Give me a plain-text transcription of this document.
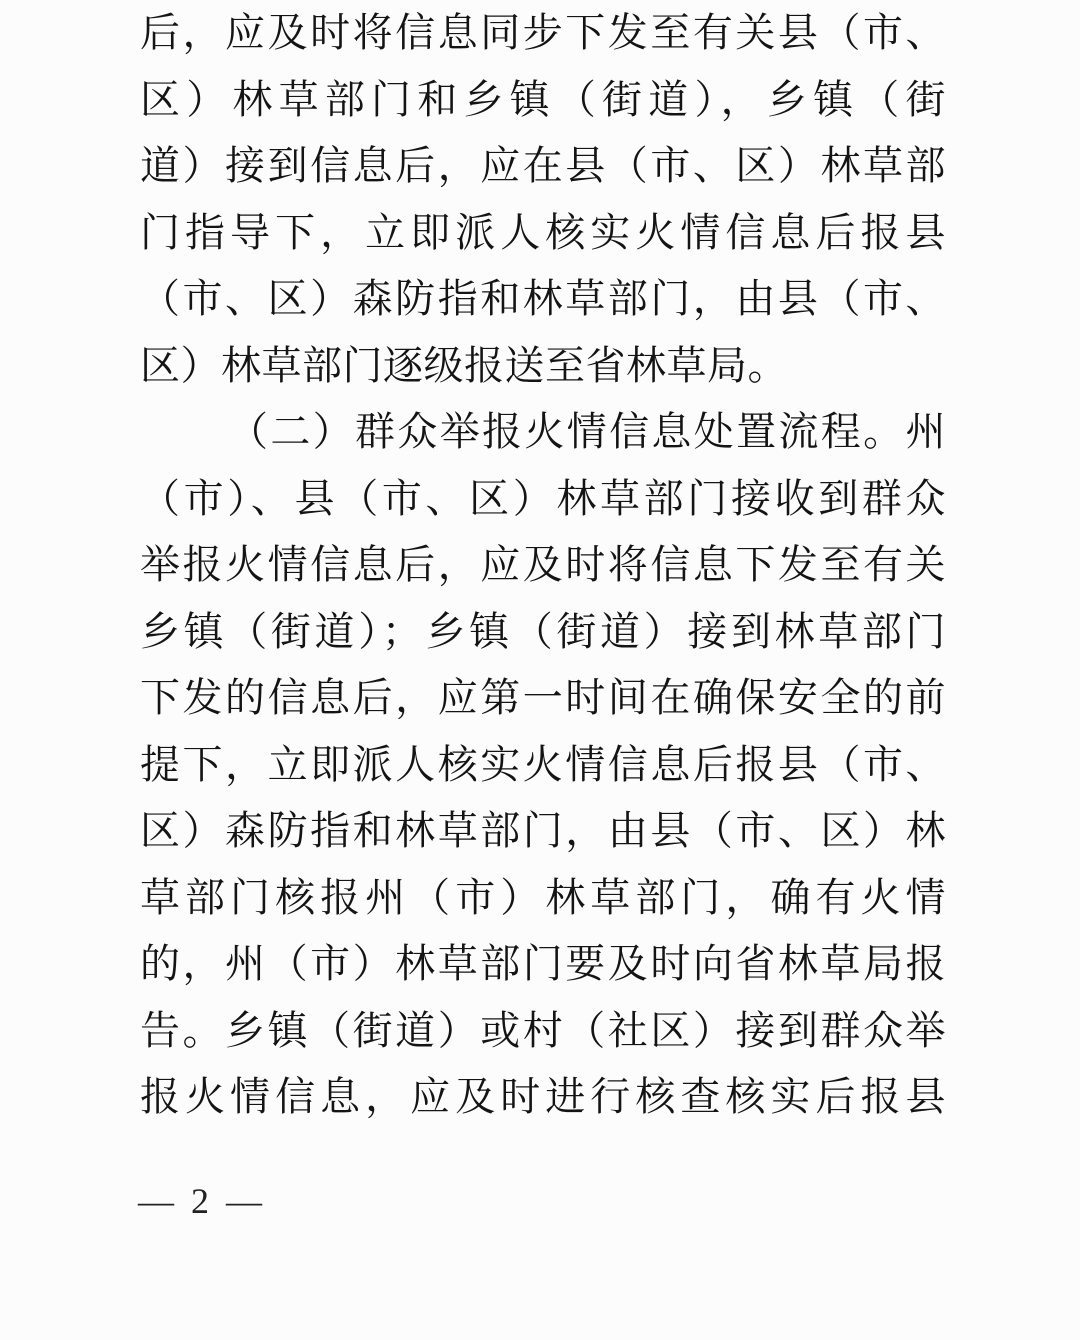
后，应及时将信息同步下发至有关县（市、
区）林草部门和乡镇（街道），乡镇（街
道）接到信息后，应在县（市、区）林草部
门指导下，立即派人核实火情信息后报县
（市、区）森防指和林草部门，由县（市、
区）林草部门逐级报送至省林草局。
（二）群众举报火情信息处置流程。州
（市）、县（市、区）林草部门接收到群众
举报火情信息后，应及时将信息下发至有关
乡镇（街道）；乡镇（街道）接到林草部门
下发的信息后，应第一时间在确保安全的前
提下，立即派人核实火情信息后报县（市、
区）森防指和林草部门，由县（市、区）林
草部门核报州（市）林草部门，确有火情
的，州（市）林草部门要及时向省林草局报
告。乡镇（街道）或村（社区）接到群众举
报火情信息，应及时进行核查核实后报县
— 2 —
